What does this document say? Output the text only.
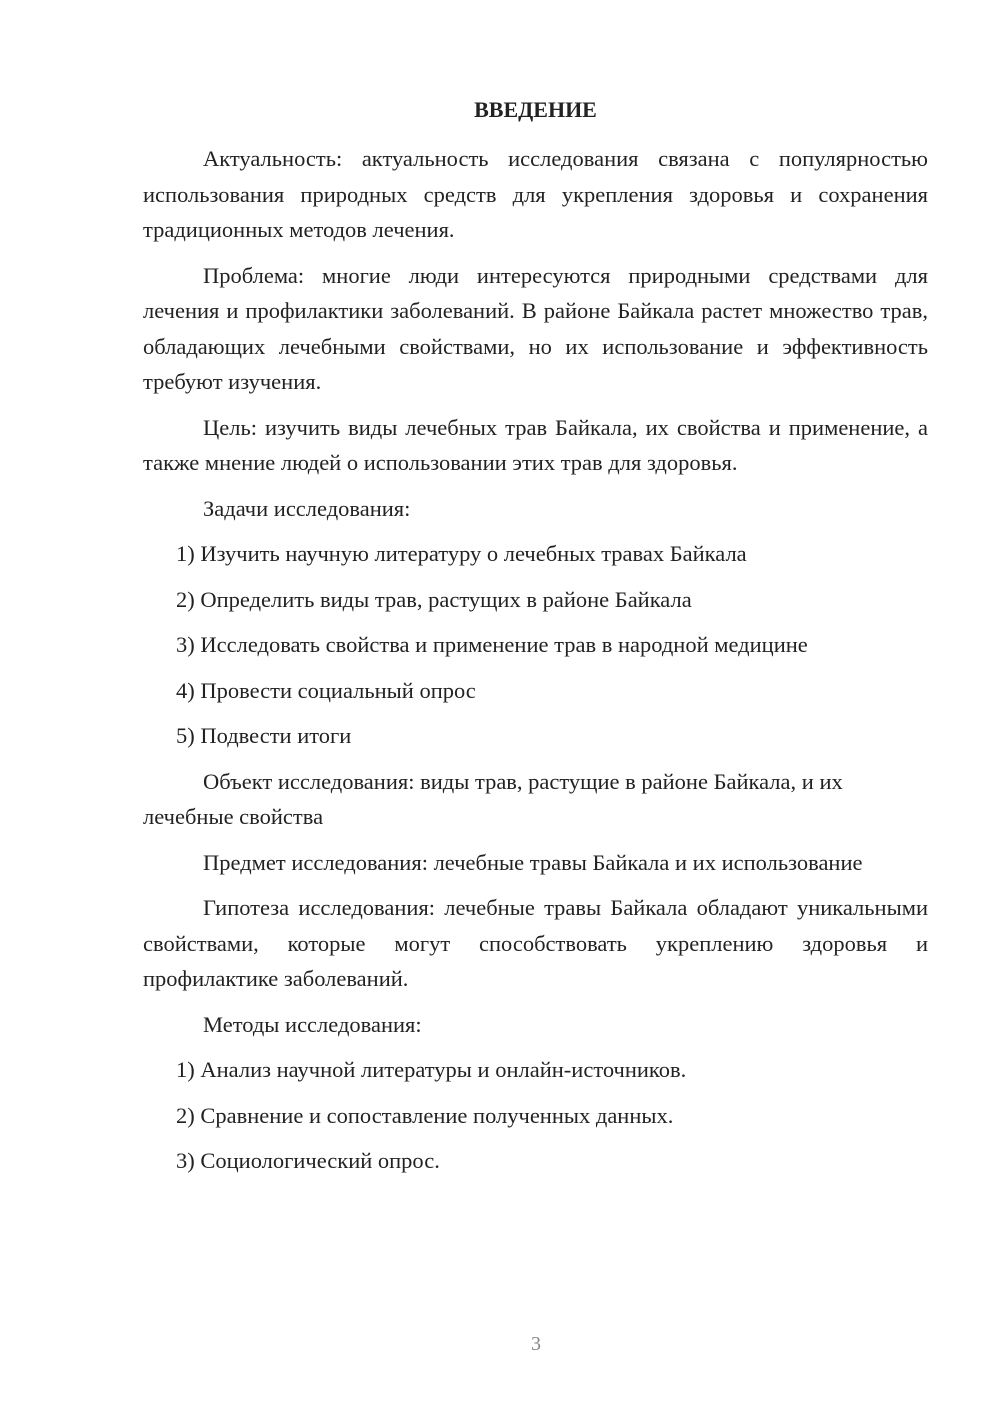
ВВЕДЕНИЕ

Актуальность: актуальность исследования связана с популярностью использования природных средств для укрепления здоровья и сохранения традиционных методов лечения.

Проблема: многие люди интересуются природными средствами для лечения и профилактики заболеваний. В районе Байкала растет множество трав, обладающих лечебными свойствами, но их использование и эффективность требуют изучения.

Цель: изучить виды лечебных трав Байкала, их свойства и применение, а также мнение людей о использовании этих трав для здоровья.

Задачи исследования:

1) Изучить научную литературу о лечебных травах Байкала
2) Определить виды трав, растущих в районе Байкала
3) Исследовать свойства и применение трав в народной медицине
4) Провести социальный опрос
5) Подвести итоги

Объект исследования: виды трав, растущие в районе Байкала, и их лечебные свойства

Предмет исследования: лечебные травы Байкала и их использование

Гипотеза исследования: лечебные травы Байкала обладают уникальными свойствами, которые могут способствовать укреплению здоровья и профилактике заболеваний.

Методы исследования:

1) Анализ научной литературы и онлайн-источников.
2) Сравнение и сопоставление полученных данных.
3) Социологический опрос.
3
